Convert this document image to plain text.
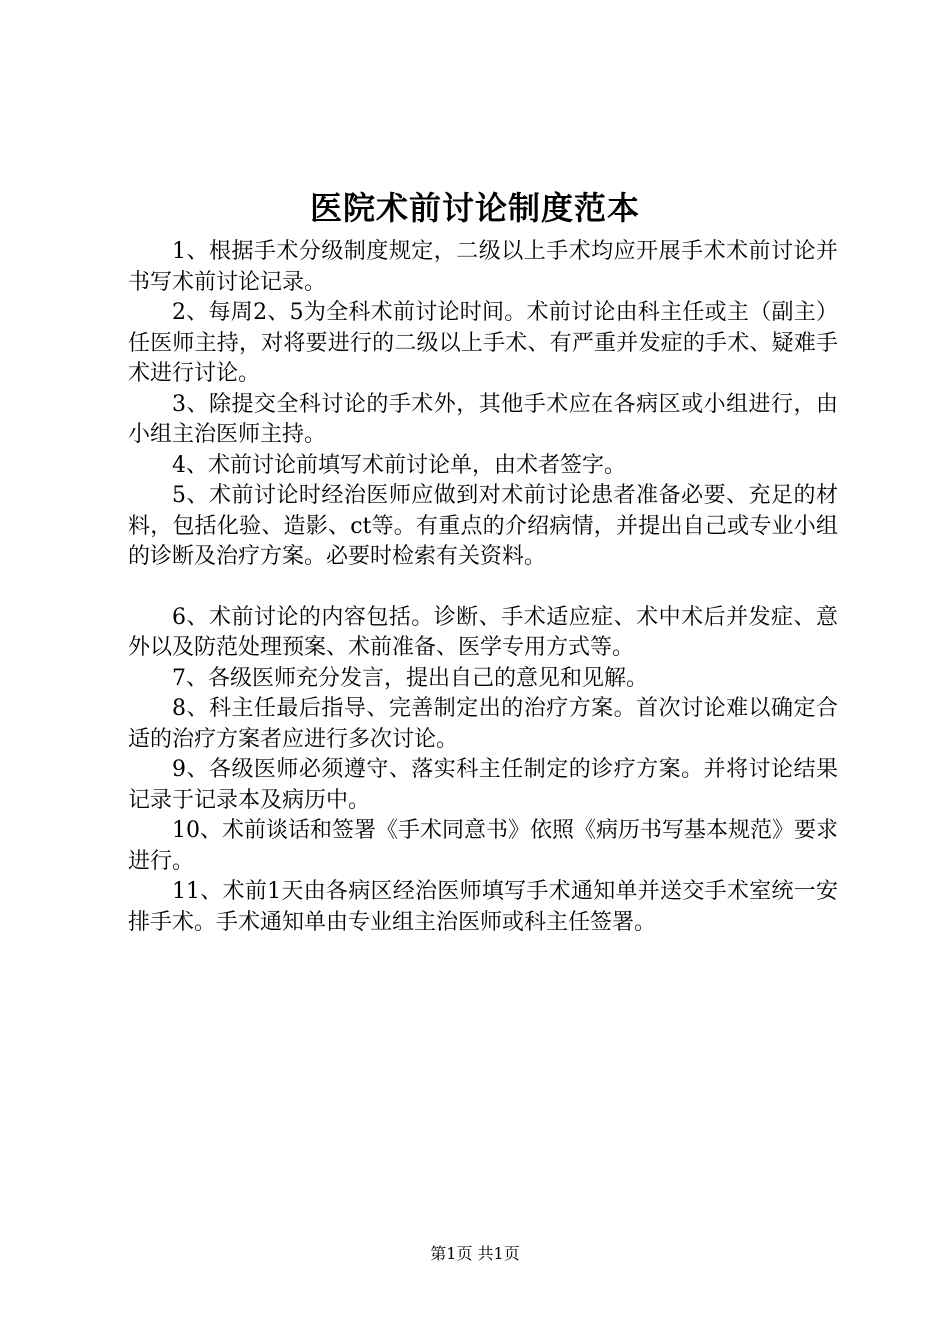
医院术前讨论制度范本

1、根据手术分级制度规定，二级以上手术均应开展手术术前讨论并书写术前讨论记录。

2、每周2、5为全科术前讨论时间。术前讨论由科主任或主（副主）任医师主持，对将要进行的二级以上手术、有严重并发症的手术、疑难手术进行讨论。

3、除提交全科讨论的手术外，其他手术应在各病区或小组进行，由小组主治医师主持。

4、术前讨论前填写术前讨论单，由术者签字。

5、术前讨论时经治医师应做到对术前讨论患者准备必要、充足的材料，包括化验、造影、ct等。有重点的介绍病情，并提出自己或专业小组的诊断及治疗方案。必要时检索有关资料。

6、术前讨论的内容包括。诊断、手术适应症、术中术后并发症、意外以及防范处理预案、术前准备、医学专用方式等。

7、各级医师充分发言，提出自己的意见和见解。

8、科主任最后指导、完善制定出的治疗方案。首次讨论难以确定合适的治疗方案者应进行多次讨论。

9、各级医师必须遵守、落实科主任制定的诊疗方案。并将讨论结果记录于记录本及病历中。

10、术前谈话和签署《手术同意书》依照《病历书写基本规范》要求进行。

11、术前1天由各病区经治医师填写手术通知单并送交手术室统一安排手术。手术通知单由专业组主治医师或科主任签署。

第1页 共1页
